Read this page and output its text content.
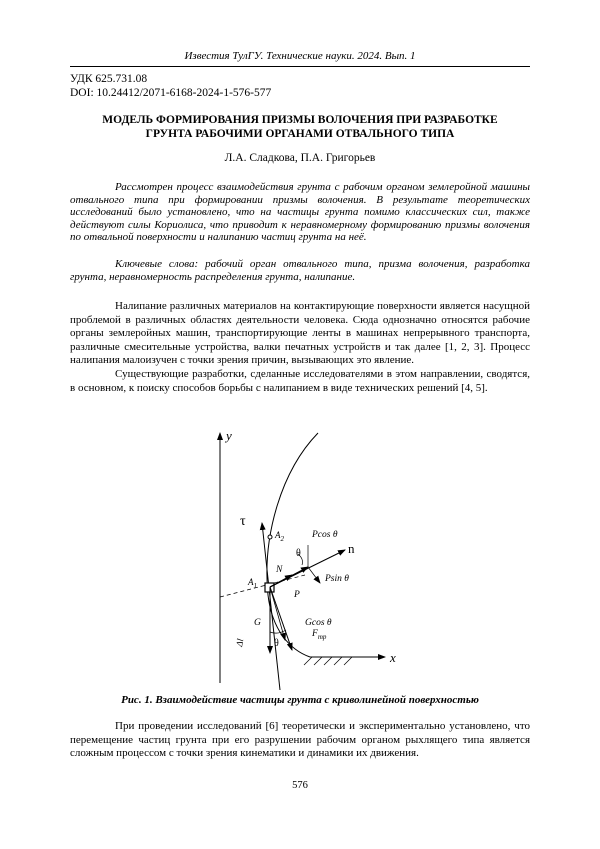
Известия ТулГУ. Технические науки. 2024. Вып. 1
УДК 625.731.08
DOI: 10.24412/2071-6168-2024-1-576-577
МОДЕЛЬ ФОРМИРОВАНИЯ ПРИЗМЫ ВОЛОЧЕНИЯ ПРИ РАЗРАБОТКЕ
ГРУНТА РАБОЧИМИ ОРГАНАМИ ОТВАЛЬНОГО ТИПА
Л.А. Сладкова, П.А. Григорьев

Рассмотрен процесс взаимодействия грунта с рабочим органом землеройной машины отвального типа при формировании призмы волочения. В результате теоретических исследований было установлено, что на частицы грунта помимо классических сил, также действуют силы Кориолиса, что приводит к неравномерному формированию призмы волочения по отвальной поверхности и налипанию частиц грунта на неё.

Ключевые слова: рабочий орган отвального типа, призма волочения, разработка грунта, неравномерность распределения грунта, налипание.

Налипание различных материалов на контактирующие поверхности является насущной проблемой в различных областях деятельности человека. Сюда однозначно относятся рабочие органы землеройных машин, транспортирующие ленты в машинах непрерывного транспорта, различные смесительные устройства, валки печатных устройств и так далее [1, 2, 3]. Процесс налипания малоизучен с точки зрения причин, вызывающих это явление.

Существующие разработки, сделанные исследователями в этом направлении, сводятся, в основном, к поиску способов борьбы с налипанием в виде технических решений [4, 5].

y
x
τ
$A_2$
$A_1$
Pcos θ
n
θ
N
Psin θ
P
G	Gcos θ
$F_{тр}$
Δl	θ
Рис. 1. Взаимодействие частицы грунта с криволинейной поверхностью

При проведении исследований [6] теоретически и экспериментально установлено, что перемещение частиц грунта при его разрушении рабочим органом рыхлящего типа является сложным процессом с точки зрения кинематики и динамики их движения.

576
